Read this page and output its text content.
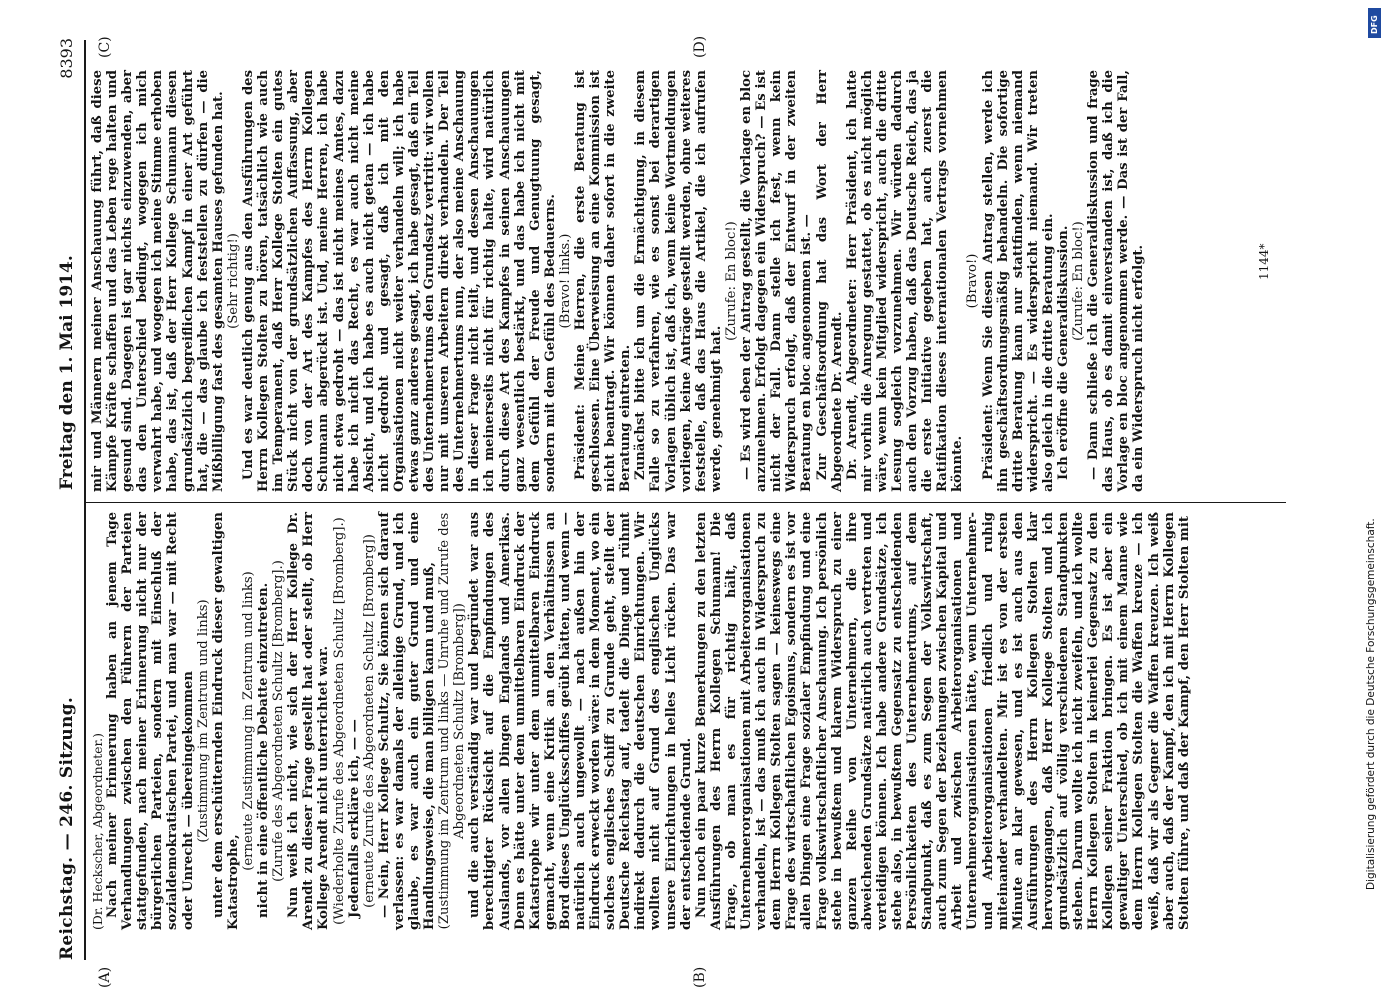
Reichstag. — 246. Sitzung.
Freitag den 1. Mai 1914.
8393
(A)	(B)
(C)	(D)

(Dr. Heckscher, Abgeordneter.) Nach meiner Erinnerung haben an jenem Tage Verhandlungen zwischen den Führern der Parteien stattgefunden, nach meiner Erinnerung nicht nur der bürgerlichen Parteien, sondern mit Einschluß der sozialdemokratischen Partei, und man war — mit Recht oder Unrecht — übereingekommen (Zustimmung im Zentrum und links) unter dem erschütternden Eindruck dieser gewaltigen Katastrophe,

(erneute Zustimmung im Zentrum und links) nicht in eine öffentliche Debatte einzutreten. (Zurufe des Abgeordneten Schultz [Bromberg].) Nun weiß ich nicht, wie sich der Herr Kollege Dr. Arendt zu dieser Frage gestellt hat oder stellt, ob Herr Kollege Arendt nicht unterrichtet war. (Wiederholte Zurufe des Abgeordneten Schultz [Bromberg].) Jedenfalls erkläre ich, — — (erneute Zurufe des Abgeordneten Schultz [Bromberg]) — Nein, Herr Kollege Schultz, Sie können sich darauf verlassen: es war damals der alleinige Grund, und ich glaube, es war auch ein guter Grund und eine Handlungsweise, die man billigen kann und muß, (Zustimmung im Zentrum und links — Unruhe und Zurufe des Abgeordneten Schultz [Bromberg]) und die auch verständig war und begründet war aus berechtigter Rücksicht auf die Empfindungen des Auslands, vor allen Dingen Englands und Amerikas. Denn es hätte unter dem unmittelbaren Eindruck der Katastrophe wir unter dem unmittelbaren Eindruck gemacht, wenn eine Kritik an den Verhältnissen an Bord dieses Unglücksschiffes geübt hätten, und wenn — natürlich auch ungewollt — nach außen hin der Eindruck erweckt worden wäre: in dem Moment, wo ein solches englisches Schiff zu Grunde geht, stellt der Deutsche Reichstag auf, tadelt die Dinge und rühmt indirekt dadurch die deutschen Einrichtungen. Wir wollten nicht auf Grund des englischen Unglücks unsere Einrichtungen in helles Licht rücken. Das war der entscheidende Grund. Nun noch ein paar kurze Bemerkungen zu den letzten Ausführungen des Herrn Kollegen Schumann! Die Frage, ob man es für richtig hält, daß Unternehmerorganisationen mit Arbeiterorganisationen verhandeln, ist — das muß ich auch in Widerspruch zu dem Herrn Kollegen Stolten sagen — keineswegs eine Frage des wirtschaftlichen Egoismus, sondern es ist vor allen Dingen eine Frage sozialer Empfindung und eine Frage volkswirtschaftlicher Anschauung. Ich persönlich stehe in bewußtem und klarem Widerspruch zu einer ganzen Reihe von Unternehmern, die ihre abweichenden Grundsätze natürlich auch vertreten und verteidigen können. Ich habe andere Grundsätze, ich stehe also, in bewußtem Gegensatz zu entscheidenden Persönlichkeiten des Unternehmertums, auf dem Standpunkt, daß es zum Segen der Volkswirtschaft, auch zum Segen der Beziehungen zwischen Kapital und Arbeit und zwischen Arbeiterorganisationen und Unternehmerorganisationen hätte, wenn Unternehmer- und Arbeiterorganisationen friedlich und ruhig miteinander verhandelten. Mir ist es von der ersten Minute an klar gewesen, und es ist auch aus den Ausführungen des Herrn Kollegen Stolten klar hervorgegangen, daß Herr Kollege Stolten und ich grundsätzlich auf völlig verschiedenen Standpunkten stehen. Darum wollte ich nicht zweifeln, und ich wollte Herrn Kollegen Stolten in keinerlei Gegensatz zu den Kollegen seiner Fraktion bringen. Es ist aber ein gewaltiger Unterschied, ob ich mit einem Manne wie dem Herrn Kollegen Stolten die Waffen kreuze — ich weiß, daß wir als Gegner die Waffen kreuzen. Ich weiß aber auch, daß der Kampf, den ich mit Herrn Kollegen Stolten führe, und daß der Kampf, den Herr Stolten mit

mir und Männern meiner Anschauung führt, daß diese Kämpfe Kräfte schaffen und das Leben rege halten und gesund sind. Dagegen ist gar nichts einzuwenden, aber das den Unterschied bedingt, wogegen ich mich verwahrt habe, und wogegen ich meine Stimme erhoben habe, das ist, daß der Herr Kollege Schumann diesen grundsätzlich begreiflichen Kampf in einer Art geführt hat, die — das glaube ich feststellen zu dürfen — die Mißbilligung fast des gesamten Hauses gefunden hat. (Sehr richtig!) Und es war deutlich genug aus den Ausführungen des Herrn Kollegen Stolten zu hören, tatsächlich wie auch im Temperament, daß Herr Kollege Stolten ein gutes Stück nicht von der grundsätzlichen Auffassung, aber doch von der Art des Kampfes des Herrn Kollegen Schumann abgerückt ist. Und, meine Herren, ich habe nicht etwa gedroht — das ist nicht meines Amtes, dazu habe ich nicht das Recht, es war auch nicht meine Absicht, und ich habe es auch nicht getan — ich habe nicht gedroht und gesagt, daß ich mit den Organisationen nicht weiter verhandeln will; ich habe etwas ganz anderes gesagt, ich habe gesagt, daß ein Teil des Unternehmertums den Grundsatz vertritt: wir wollen nur mit unseren Arbeitern direkt verhandeln. Der Teil des Unternehmertums nun, der also meine Anschauung in dieser Frage nicht teilt, und dessen Anschauungen ich meinerseits nicht für richtig halte, wird natürlich durch diese Art des Kampfes in seinen Anschauungen ganz wesentlich bestärkt, und das habe ich nicht mit dem Gefühl der Freude und Genugtuung gesagt, sondern mit dem Gefühl des Bedauerns. (Bravo! links.) Präsident: Meine Herren, die erste Beratung ist geschlossen. Eine Überweisung an eine Kommission ist nicht beantragt. Wir können daher sofort in die zweite Beratung eintreten. Zunächst bitte ich um die Ermächtigung, in diesem Falle so zu verfahren, wie es sonst bei derartigen Vorlagen üblich ist, daß ich, wenn keine Wortmeldungen vorliegen, keine Anträge gestellt werden, ohne weiteres feststelle, daß das Haus die Artikel, die ich aufrufen werde, genehmigt hat.

(Zurufe: En bloc!) — Es wird eben der Antrag gestellt, die Vorlage en bloc anzunehmen. Erfolgt dagegen ein Widerspruch? — Es ist nicht der Fall. Dann stelle ich fest, wenn kein Widerspruch erfolgt, daß der Entwurf in der zweiten Beratung en bloc angenommen ist. — Zur Geschäftsordnung hat das Wort der Herr Abgeordnete Dr. Arendt. Dr. Arendt, Abgeordneter: Herr Präsident, ich hatte mir vorhin die Anregung gestattet, ob es nicht möglich wäre, wenn kein Mitglied widerspricht, auch die dritte Lesung sogleich vorzunehmen. Wir würden dadurch auch den Vorzug haben, daß das Deutsche Reich, das ja die erste Initiative gegeben hat, auch zuerst die Ratifikation dieses internationalen Vertrags vornehmen könnte.

(Bravo!) Präsident: Wenn Sie diesen Antrag stellen, werde ich ihn geschäftsordnungsmäßig behandeln. Die sofortige dritte Beratung kann nur stattfinden, wenn niemand widerspricht. — Es widerspricht niemand. Wir treten also gleich in die dritte Beratung ein. Ich eröffne die Generaldiskussion. (Zurufe: En bloc!) — Dann schließe ich die Generaldiskussion und frage das Haus, ob es damit einverstanden ist, daß ich die Vorlage en bloc angenommen werde. — Das ist der Fall, da ein Widerspruch nicht erfolgt.	1144*
Digitalisierung gefördert durch die Deutsche Forschungsgemeinschaft.
DFG
